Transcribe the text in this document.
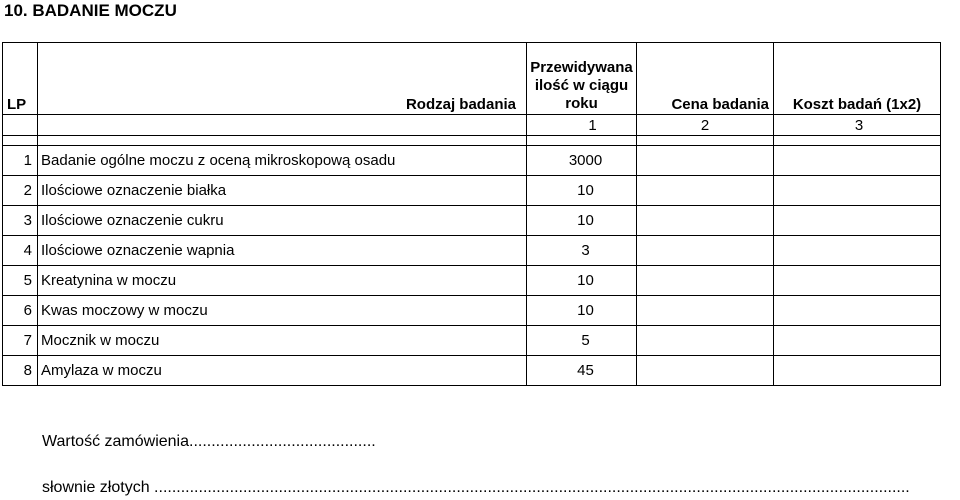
10. BADANIE MOCZU
LP	Rodzaj badania	Przewidywana
ilość w ciągu
roku	Cena badania	Koszt badań (1x2)
		1	2	3

1	Badanie ogólne moczu z oceną mikroskopową osadu	3000		
2	Ilościowe oznaczenie białka	10		
3	Ilościowe oznaczenie cukru	10		
4	Ilościowe oznaczenie wapnia	3		
5	Kreatynina w moczu	10		
6	Kwas moczowy w moczu	10		
7	Mocznik w moczu	5		
8	Amylaza w moczu	45		
Wartość zamówienia..........................................
słownie złotych ..........................................................................................................................................................................
